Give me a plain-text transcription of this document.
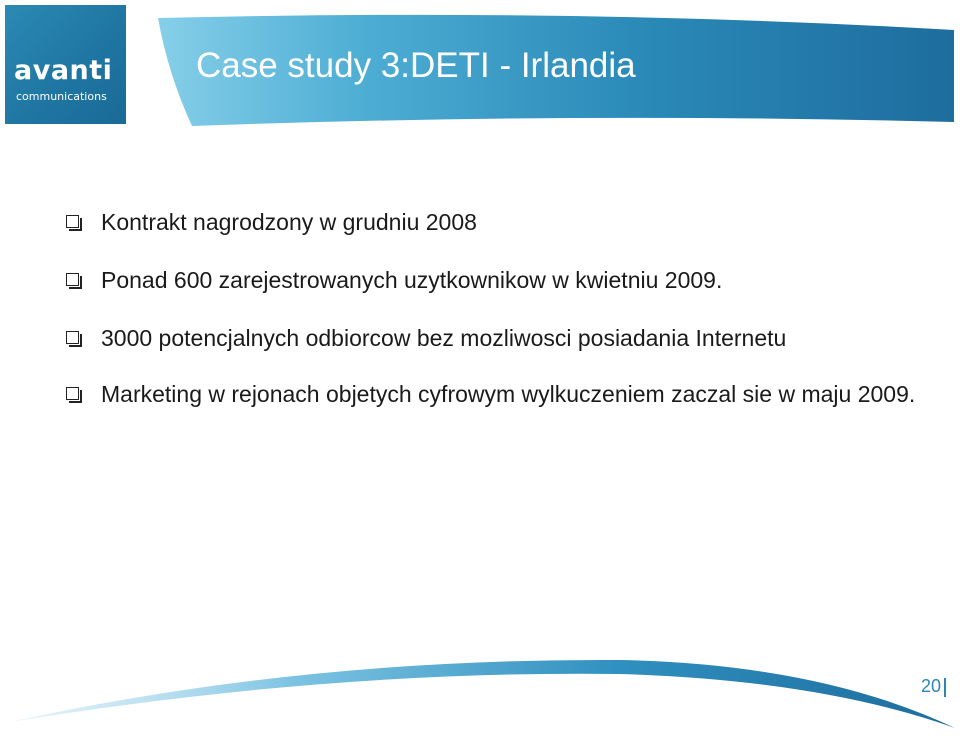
avanti
communications
Case study 3:DETI - Irlandia
Kontrakt nagrodzony w grudniu 2008
Ponad 600 zarejestrowanych uzytkownikow w kwietniu 2009.
3000 potencjalnych odbiorcow bez mozliwosci posiadania Internetu
Marketing w rejonach objetych cyfrowym wylkuczeniem zaczal sie w maju 2009.
20
